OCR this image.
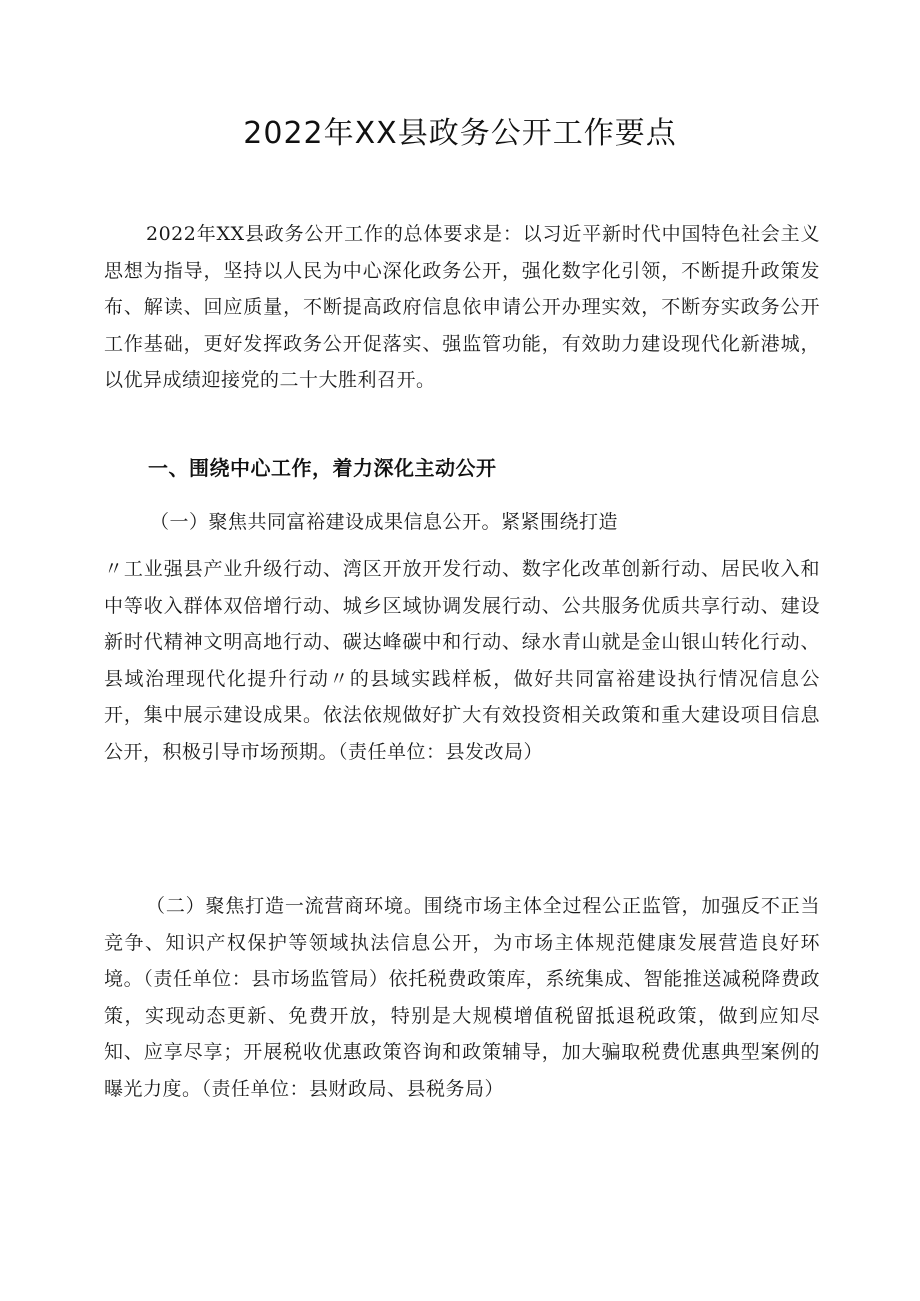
2022年XX县政务公开工作要点

2022年XX县政务公开工作的总体要求是：以习近平新时代中国特色社会主义思想为指导，坚持以人民为中心深化政务公开，强化数字化引领，不断提升政策发布、解读、回应质量，不断提高政府信息依申请公开办理实效，不断夯实政务公开工作基础，更好发挥政务公开促落实、强监管功能，有效助力建设现代化新港城，以优异成绩迎接党的二十大胜利召开。

一、围绕中心工作，着力深化主动公开

（一）聚焦共同富裕建设成果信息公开。紧紧围绕打造

〃工业强县产业升级行动、湾区开放开发行动、数字化改革创新行动、居民收入和中等收入群体双倍增行动、城乡区域协调发展行动、公共服务优质共享行动、建设新时代精神文明高地行动、碳达峰碳中和行动、绿水青山就是金山银山转化行动、县域治理现代化提升行动〃的县域实践样板，做好共同富裕建设执行情况信息公开，集中展示建设成果。依法依规做好扩大有效投资相关政策和重大建设项目信息公开，积极引导市场预期。（责任单位：县发改局）

（二）聚焦打造一流营商环境。围绕市场主体全过程公正监管，加强反不正当竞争、知识产权保护等领域执法信息公开，为市场主体规范健康发展营造良好环境。（责任单位：县市场监管局）依托税费政策库，系统集成、智能推送减税降费政策，实现动态更新、免费开放，特别是大规模增值税留抵退税政策，做到应知尽知、应享尽享；开展税收优惠政策咨询和政策辅导，加大骗取税费优惠典型案例的曝光力度。（责任单位：县财政局、县税务局）
